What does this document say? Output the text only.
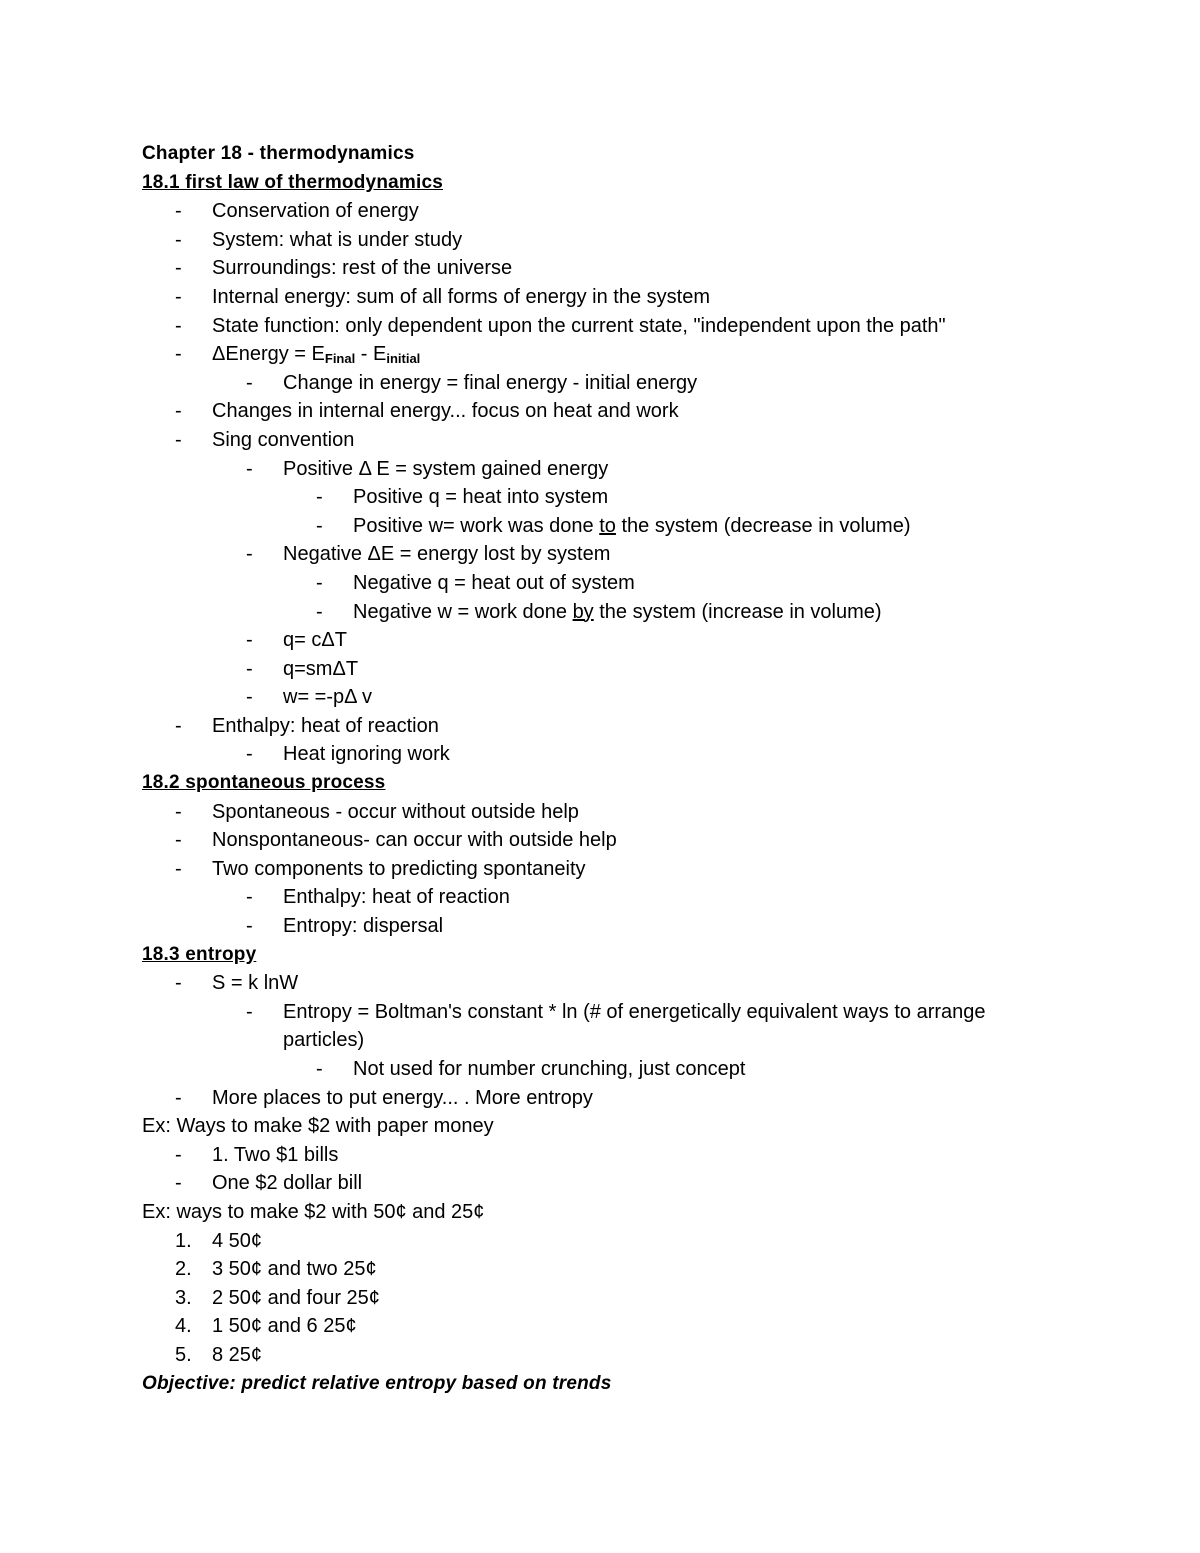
Chapter 18 - thermodynamics
18.1 first law of thermodynamics
-	Conservation of energy
-	System: what is under study
-	Surroundings: rest of the universe
-	Internal energy: sum of all forms of energy in the system
-	State function: only dependent upon the current state, "independent upon the path"
-	ΔEnergy = $E_{Final} - E_{initial}$
-	Change in energy = final energy - initial energy
-	Changes in internal energy... focus on heat and work
-	Sing convention
-	Positive Δ E = system gained energy
-	Positive q = heat into system
-	Positive w= work was done to the system (decrease in volume)
-	Negative ΔE = energy lost by system
-	Negative q = heat out of system
-	Negative w = work done by the system (increase in volume)
-	q= cΔT
-	q=smΔT
-	w= =-pΔ v
-	Enthalpy: heat of reaction
-	Heat ignoring work
18.2 spontaneous process
-	Spontaneous - occur without outside help
-	Nonspontaneous- can occur with outside help
-	Two components to predicting spontaneity
-	Enthalpy: heat of reaction
-	Entropy: dispersal
18.3 entropy
-	S = k lnW
-	Entropy = Boltman's constant * ln (# of energetically equivalent ways to arrange
particles)
-	Not used for number crunching, just concept
-	More places to put energy... . More entropy
Ex: Ways to make $2 with paper money
-	1. Two $1 bills
-	One $2 dollar bill
Ex: ways to make $2 with 50¢ and 25¢
1.	4 50¢
2.	3 50¢ and two 25¢
3.	2 50¢ and four 25¢
4.	1 50¢ and 6 25¢
5.	8 25¢
Objective: predict relative entropy based on trends
